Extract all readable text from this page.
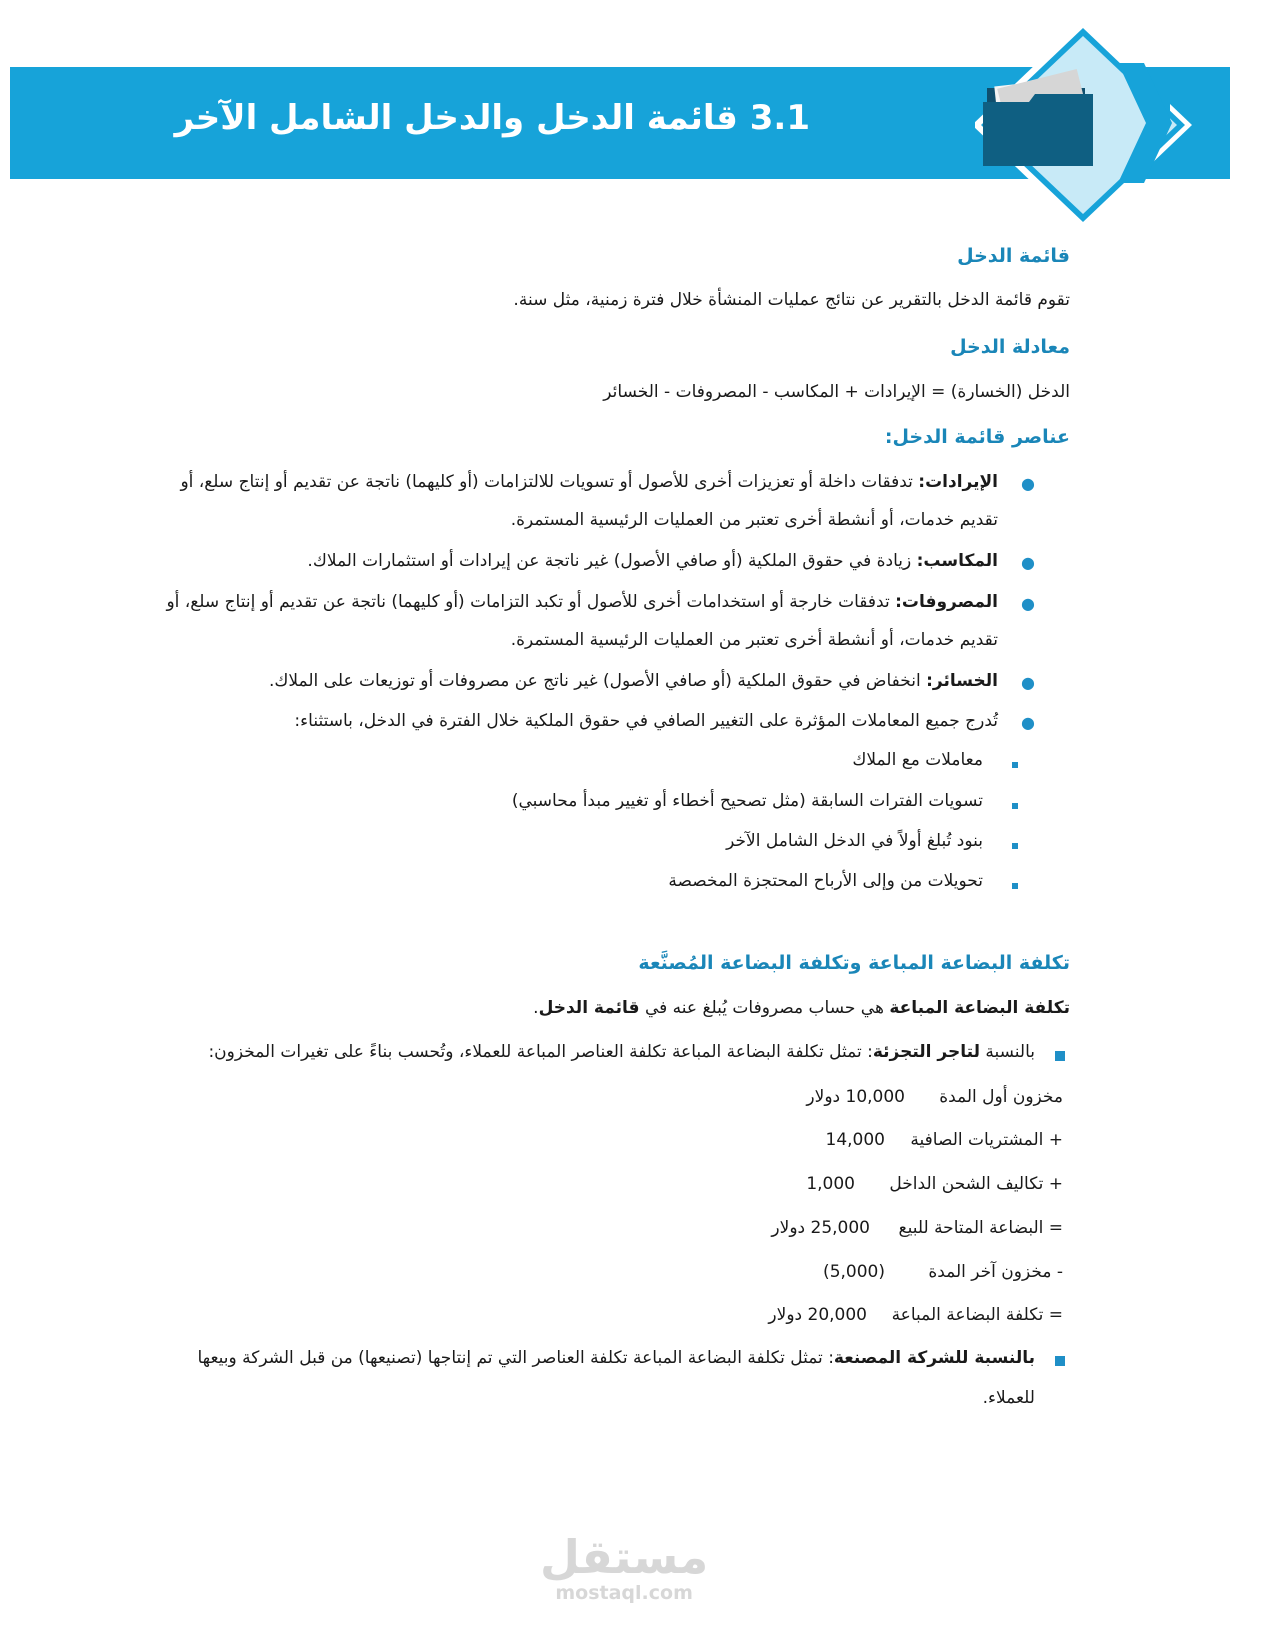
3.1 قائمة الدخل والدخل الشامل الآخر
قائمة الدخل
تقوم قائمة الدخل بالتقرير عن نتائج عمليات المنشأة خلال فترة زمنية، مثل سنة.
معادلة الدخل
الدخل (الخسارة) = الإيرادات + المكاسب - المصروفات - الخسائر
عناصر قائمة الدخل:
●
الإيرادات: تدفقات داخلة أو تعزيزات أخرى للأصول أو تسويات للالتزامات (أو كليهما) ناتجة عن تقديم أو إنتاج سلع، أو
تقديم خدمات، أو أنشطة أخرى تعتبر من العمليات الرئيسية المستمرة.
●
المكاسب: زيادة في حقوق الملكية (أو صافي الأصول) غير ناتجة عن إيرادات أو استثمارات الملاك.
●
المصروفات: تدفقات خارجة أو استخدامات أخرى للأصول أو تكبد التزامات (أو كليهما) ناتجة عن تقديم أو إنتاج سلع، أو
تقديم خدمات، أو أنشطة أخرى تعتبر من العمليات الرئيسية المستمرة.
●
الخسائر: انخفاض في حقوق الملكية (أو صافي الأصول) غير ناتج عن مصروفات أو توزيعات على الملاك.
●
تُدرج جميع المعاملات المؤثرة على التغيير الصافي في حقوق الملكية خلال الفترة في الدخل، باستثناء:
معاملات مع الملاك
تسويات الفترات السابقة (مثل تصحيح أخطاء أو تغيير مبدأ محاسبي)
بنود تُبلغ أولاً في الدخل الشامل الآخر
تحويلات من وإلى الأرباح المحتجزة المخصصة
تكلفة البضاعة المباعة وتكلفة البضاعة المُصنَّعة
تكلفة البضاعة المباعة هي حساب مصروفات يُبلغ عنه في قائمة الدخل.
بالنسبة لتاجر التجزئة: تمثل تكلفة البضاعة المباعة تكلفة العناصر المباعة للعملاء، وتُحسب بناءً على تغيرات المخزون:
مخزون أول المدة
10,000 دولار
+ المشتريات الصافية
14,000
+ تكاليف الشحن الداخل
1,000
= البضاعة المتاحة للبيع
25,000 دولار
- مخزون آخر المدة
(5,000)
= تكلفة البضاعة المباعة
20,000 دولار
بالنسبة للشركة المصنعة: تمثل تكلفة البضاعة المباعة تكلفة العناصر التي تم إنتاجها (تصنيعها) من قبل الشركة وبيعها
للعملاء.
مستقل
mostaql.com
